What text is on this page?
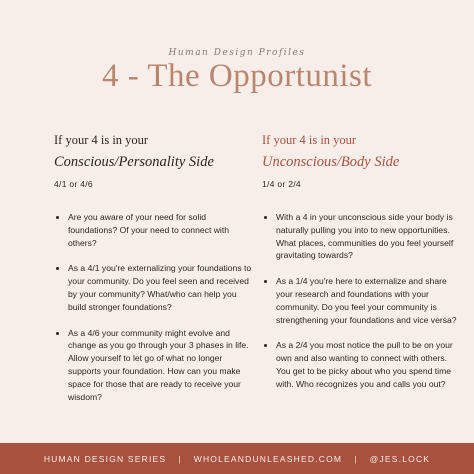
Human Design Profiles
4 - The Opportunist

If your 4 is in your

Conscious/Personality Side
4/1 or 4/6
Are you aware of your need for solid foundations? Of your need to connect with others?
As a 4/1 you're externalizing your foundations to your community. Do you feel seen and received by your community? What/who can help you build stronger foundations?
As a 4/6 your community might evolve and change as you go through your 3 phases in life. Allow yourself to let go of what no longer supports your foundation. How can you make space for those that are ready to receive your wisdom?

If your 4 is in your

Unconscious/Body Side
1/4 or 2/4
With a 4 in your unconscious side your body is naturally pulling you into to new opportunities. What places, communities do you feel yourself gravitating towards?
As a 1/4 you're here to externalize and share your research and foundations with your community. Do you feel your community is strengthening your foundations and vice versa?
As a 2/4 you most notice the pull to be on your own and also wanting to connect with others. You get to be picky about who you spend time with. Who recognizes you and calls you out?
HUMAN DESIGN SERIES | WHOLEANDUNLEASHED.COM | @JES.LOCK
